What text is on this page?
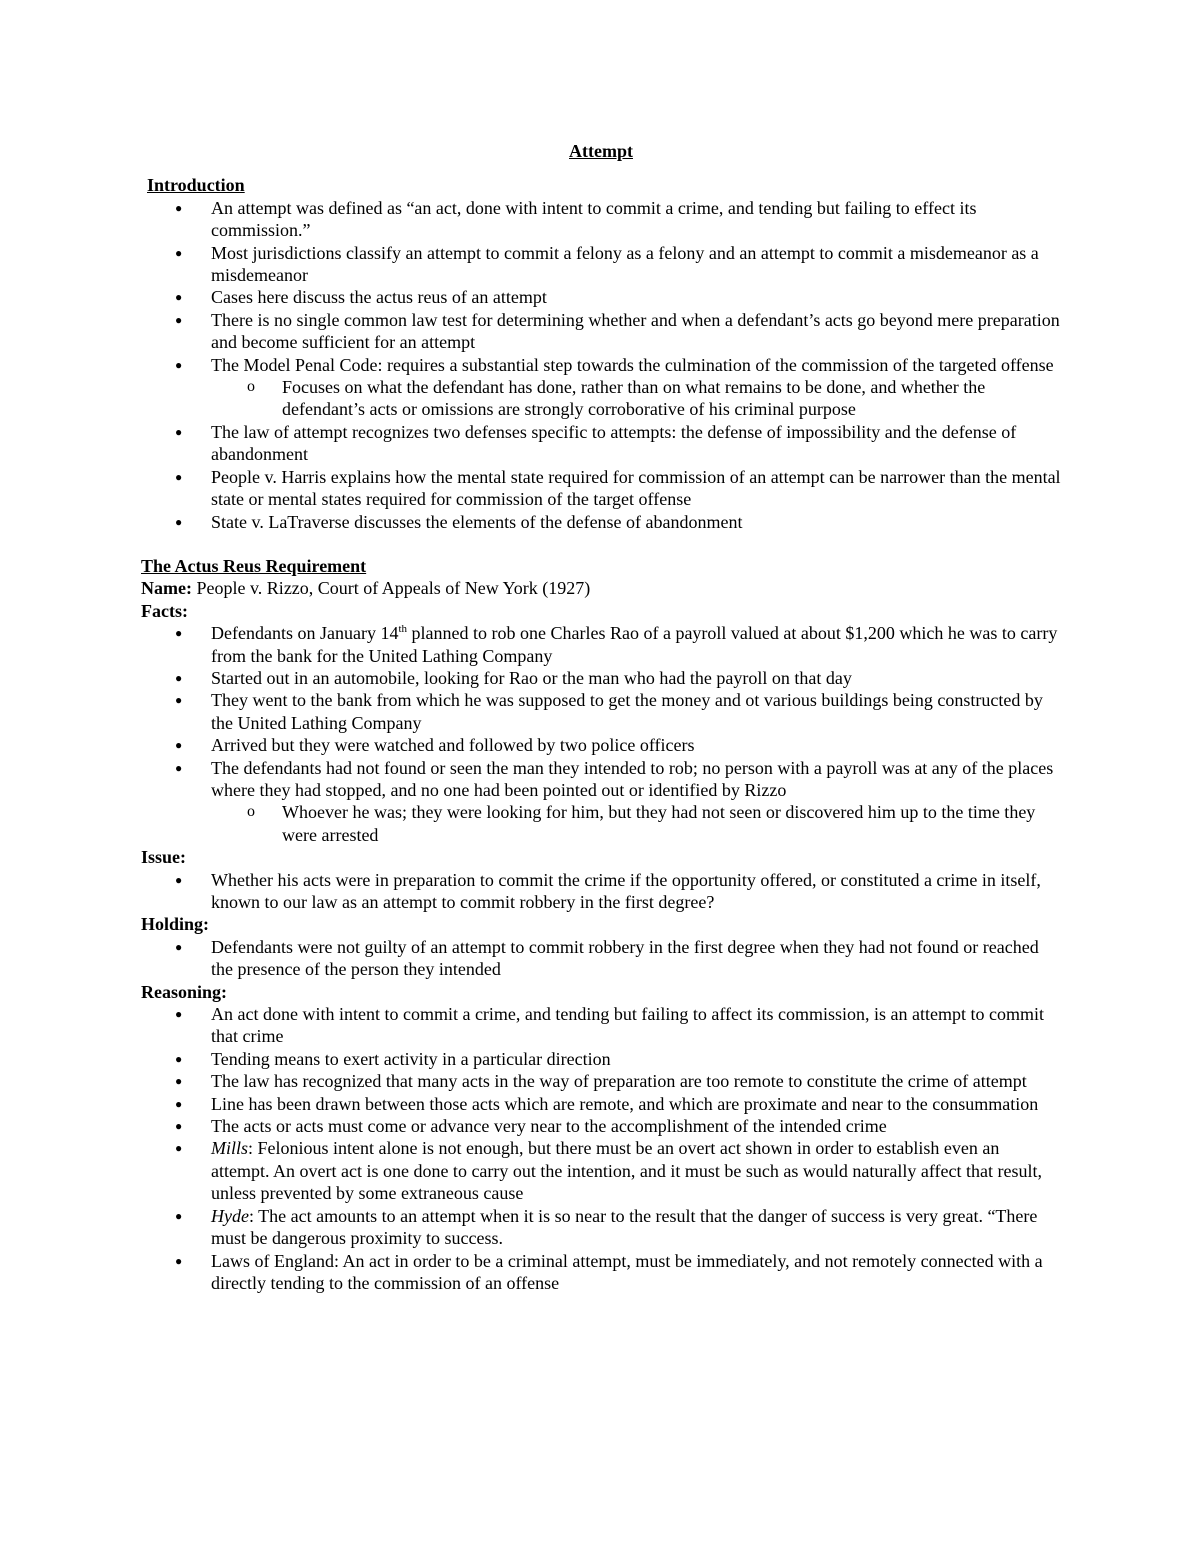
Attempt
Introduction
● An attempt was defined as “an act, done with intent to commit a crime, and tending but failing to effect its commission.”
● Most jurisdictions classify an attempt to commit a felony as a felony and an attempt to commit a misdemeanor as a misdemeanor
● Cases here discuss the actus reus of an attempt
● There is no single common law test for determining whether and when a defendant’s acts go beyond mere preparation and become sufficient for an attempt
● The Model Penal Code: requires a substantial step towards the culmination of the commission of the targeted offense
o Focuses on what the defendant has done, rather than on what remains to be done, and whether the defendant’s acts or omissions are strongly corroborative of his criminal purpose
● The law of attempt recognizes two defenses specific to attempts: the defense of impossibility and the defense of abandonment
● People v. Harris explains how the mental state required for commission of an attempt can be narrower than the mental state or mental states required for commission of the target offense
● State v. LaTraverse discusses the elements of the defense of abandonment
The Actus Reus Requirement
Name: People v. Rizzo, Court of Appeals of New York (1927)
Facts:
● Defendants on January 14th planned to rob one Charles Rao of a payroll valued at about $1,200 which he was to carry from the bank for the United Lathing Company
● Started out in an automobile, looking for Rao or the man who had the payroll on that day
● They went to the bank from which he was supposed to get the money and ot various buildings being constructed by the United Lathing Company
● Arrived but they were watched and followed by two police officers
● The defendants had not found or seen the man they intended to rob; no person with a payroll was at any of the places where they had stopped, and no one had been pointed out or identified by Rizzo
o Whoever he was; they were looking for him, but they had not seen or discovered him up to the time they were arrested
Issue:
● Whether his acts were in preparation to commit the crime if the opportunity offered, or constituted a crime in itself, known to our law as an attempt to commit robbery in the first degree?
Holding:
● Defendants were not guilty of an attempt to commit robbery in the first degree when they had not found or reached the presence of the person they intended
Reasoning:
● An act done with intent to commit a crime, and tending but failing to affect its commission, is an attempt to commit that crime
● Tending means to exert activity in a particular direction
● The law has recognized that many acts in the way of preparation are too remote to constitute the crime of attempt
● Line has been drawn between those acts which are remote, and which are proximate and near to the consummation
● The acts or acts must come or advance very near to the accomplishment of the intended crime
● Mills: Felonious intent alone is not enough, but there must be an overt act shown in order to establish even an attempt. An overt act is one done to carry out the intention, and it must be such as would naturally affect that result, unless prevented by some extraneous cause
● Hyde: The act amounts to an attempt when it is so near to the result that the danger of success is very great. “There must be dangerous proximity to success.
● Laws of England: An act in order to be a criminal attempt, must be immediately, and not remotely connected with a directly tending to the commission of an offense
